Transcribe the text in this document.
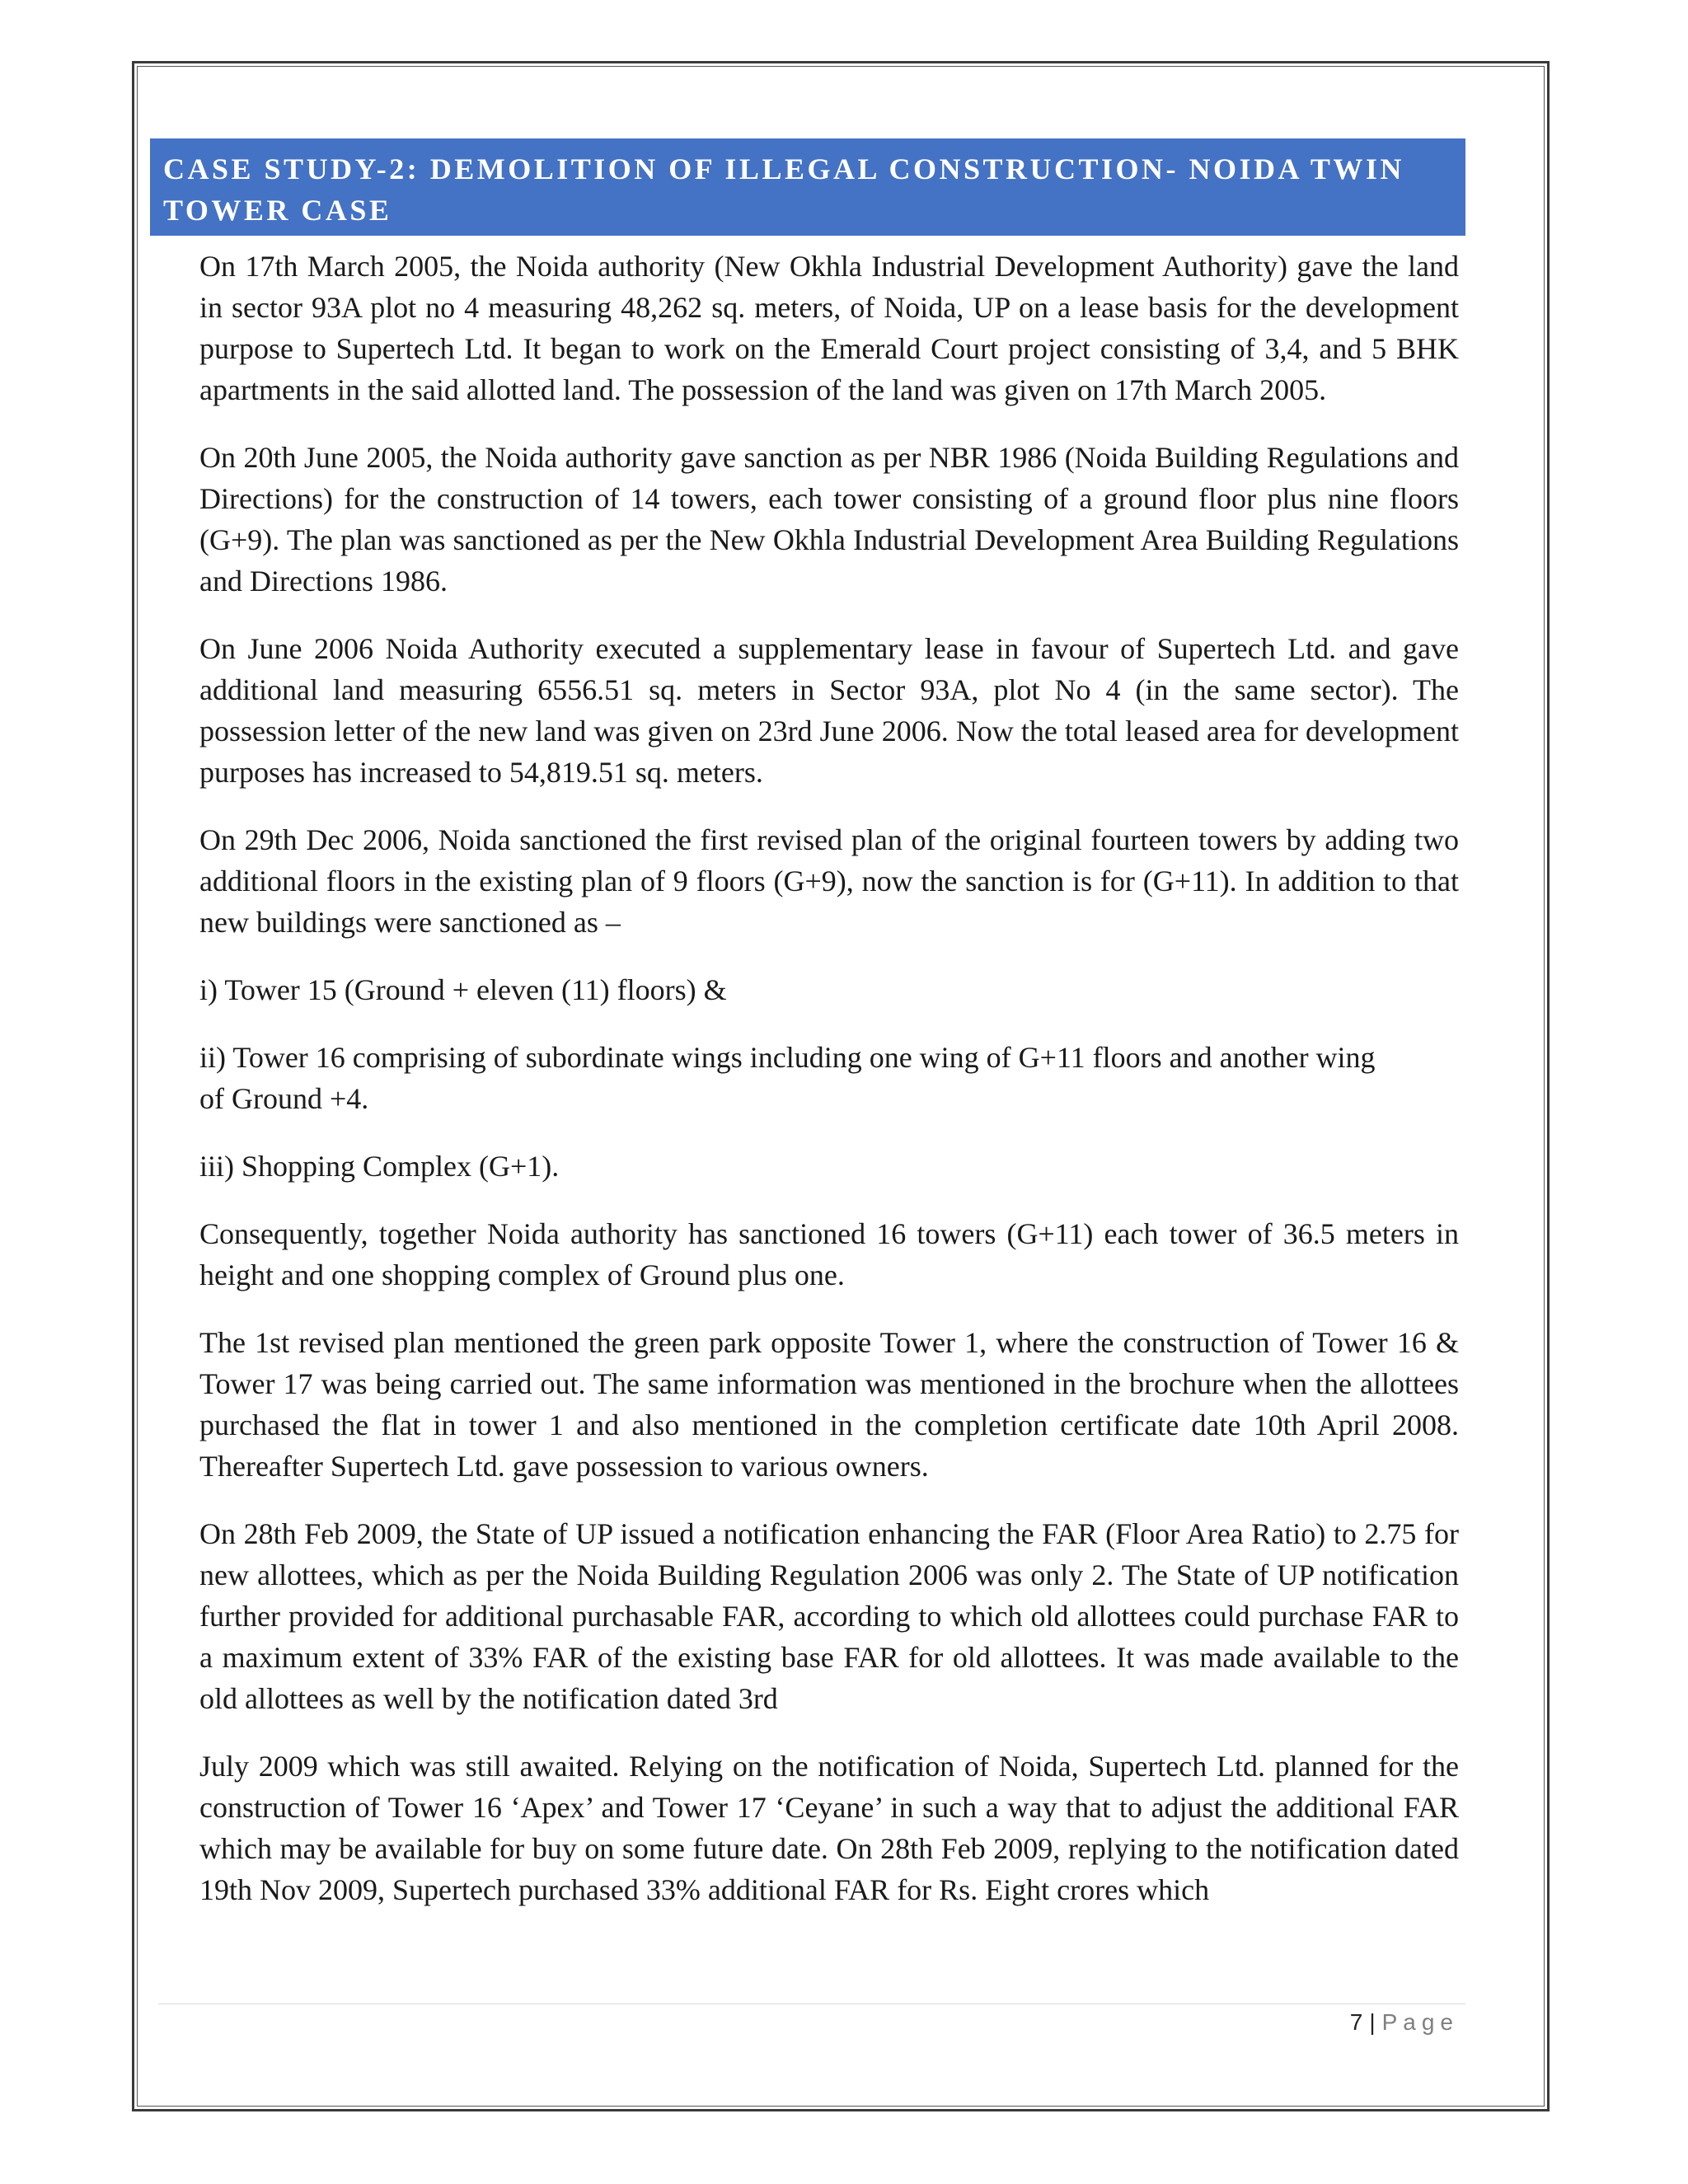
CASE STUDY-2: DEMOLITION OF ILLEGAL CONSTRUCTION- NOIDA TWIN

TOWER CASE

On 17th March 2005, the Noida authority (New Okhla Industrial Development Authority) gave the land in sector 93A plot no 4 measuring 48,262 sq. meters, of Noida, UP on a lease basis for the development purpose to Supertech Ltd. It began to work on the Emerald Court project consisting of 3,4, and 5 BHK apartments in the said allotted land. The possession of the land was given on 17th March 2005.

On 20th June 2005, the Noida authority gave sanction as per NBR 1986 (Noida Building Regulations and Directions) for the construction of 14 towers, each tower consisting of a ground floor plus nine floors (G+9). The plan was sanctioned as per the New Okhla Industrial Development Area Building Regulations and Directions 1986.

On June 2006 Noida Authority executed a supplementary lease in favour of Supertech Ltd. and gave additional land measuring 6556.51 sq. meters in Sector 93A, plot No 4 (in the same sector). The possession letter of the new land was given on 23rd June 2006. Now the total leased area for development purposes has increased to 54,819.51 sq. meters.

On 29th Dec 2006, Noida sanctioned the first revised plan of the original fourteen towers by adding two additional floors in the existing plan of 9 floors (G+9), now the sanction is for (G+11). In addition to that new buildings were sanctioned as –

i) Tower 15 (Ground + eleven (11) floors) &

ii) Tower 16 comprising of subordinate wings including one wing of G+11 floors and another wing

of Ground +4.

iii) Shopping Complex (G+1).

Consequently, together Noida authority has sanctioned 16 towers (G+11) each tower of 36.5 meters in height and one shopping complex of Ground plus one.

The 1st revised plan mentioned the green park opposite Tower 1, where the construction of Tower 16 & Tower 17 was being carried out. The same information was mentioned in the brochure when the allottees purchased the flat in tower 1 and also mentioned in the completion certificate date 10th April 2008. Thereafter Supertech Ltd. gave possession to various owners.

On 28th Feb 2009, the State of UP issued a notification enhancing the FAR (Floor Area Ratio) to 2.75 for new allottees, which as per the Noida Building Regulation 2006 was only 2. The State of UP notification further provided for additional purchasable FAR, according to which old allottees could purchase FAR to a maximum extent of 33% FAR of the existing base FAR for old allottees. It was made available to the old allottees as well by the notification dated 3rd

July 2009 which was still awaited. Relying on the notification of Noida, Supertech Ltd. planned for the construction of Tower 16 ‘Apex’ and Tower 17 ‘Ceyane’ in such a way that to adjust the additional FAR which may be available for buy on some future date. On 28th Feb 2009, replying to the notification dated 19th Nov 2009, Supertech purchased 33% additional FAR for Rs. Eight crores which

7 | Page
